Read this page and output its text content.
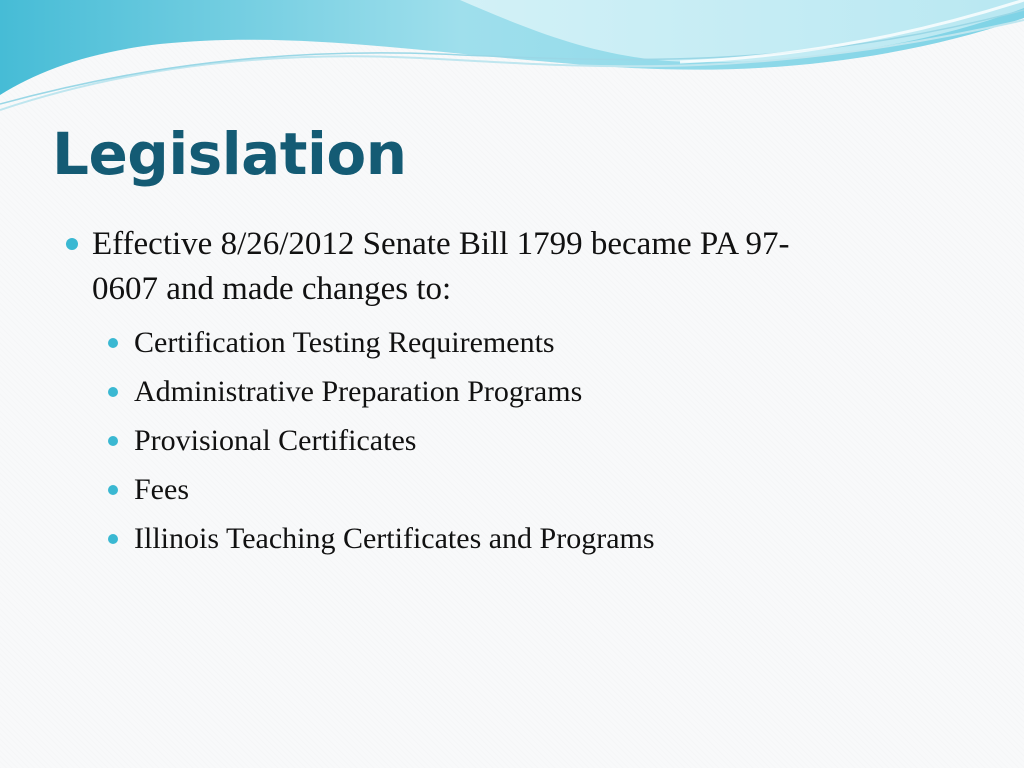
Legislation
Effective 8/26/2012 Senate Bill 1799 became PA 97-
0607 and made changes to:
Certification Testing Requirements
Administrative Preparation Programs
Provisional Certificates
Fees
Illinois Teaching Certificates and Programs
